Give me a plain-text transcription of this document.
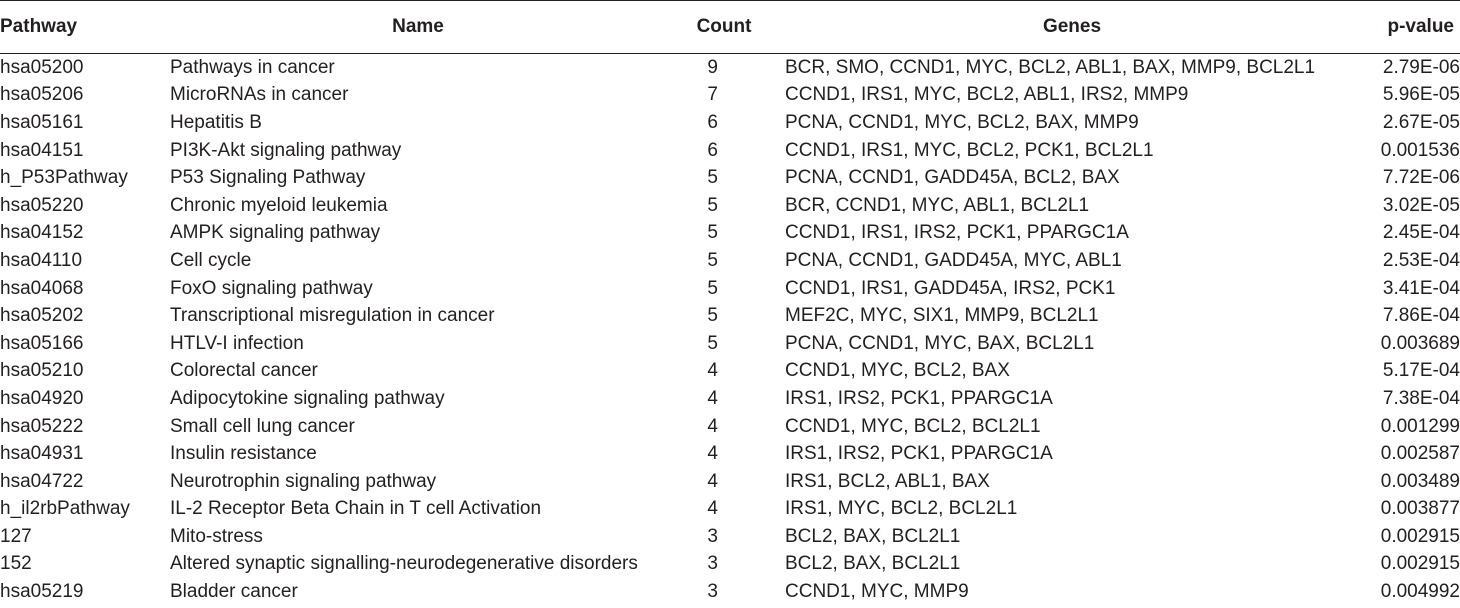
Pathway	Name	Count	Genes	p-value
hsa05200	Pathways in cancer	9	BCR, SMO, CCND1, MYC, BCL2, ABL1, BAX, MMP9, BCL2L1	2.79E-06
hsa05206	MicroRNAs in cancer	7	CCND1, IRS1, MYC, BCL2, ABL1, IRS2, MMP9	5.96E-05
hsa05161	Hepatitis B	6	PCNA, CCND1, MYC, BCL2, BAX, MMP9	2.67E-05
hsa04151	PI3K-Akt signaling pathway	6	CCND1, IRS1, MYC, BCL2, PCK1, BCL2L1	0.001536
h_P53Pathway	P53 Signaling Pathway	5	PCNA, CCND1, GADD45A, BCL2, BAX	7.72E-06
hsa05220	Chronic myeloid leukemia	5	BCR, CCND1, MYC, ABL1, BCL2L1	3.02E-05
hsa04152	AMPK signaling pathway	5	CCND1, IRS1, IRS2, PCK1, PPARGC1A	2.45E-04
hsa04110	Cell cycle	5	PCNA, CCND1, GADD45A, MYC, ABL1	2.53E-04
hsa04068	FoxO signaling pathway	5	CCND1, IRS1, GADD45A, IRS2, PCK1	3.41E-04
hsa05202	Transcriptional misregulation in cancer	5	MEF2C, MYC, SIX1, MMP9, BCL2L1	7.86E-04
hsa05166	HTLV-I infection	5	PCNA, CCND1, MYC, BAX, BCL2L1	0.003689
hsa05210	Colorectal cancer	4	CCND1, MYC, BCL2, BAX	5.17E-04
hsa04920	Adipocytokine signaling pathway	4	IRS1, IRS2, PCK1, PPARGC1A	7.38E-04
hsa05222	Small cell lung cancer	4	CCND1, MYC, BCL2, BCL2L1	0.001299
hsa04931	Insulin resistance	4	IRS1, IRS2, PCK1, PPARGC1A	0.002587
hsa04722	Neurotrophin signaling pathway	4	IRS1, BCL2, ABL1, BAX	0.003489
h_il2rbPathway	IL-2 Receptor Beta Chain in T cell Activation	4	IRS1, MYC, BCL2, BCL2L1	0.003877
127	Mito-stress	3	BCL2, BAX, BCL2L1	0.002915
152	Altered synaptic signalling-neurodegenerative disorders	3	BCL2, BAX, BCL2L1	0.002915
hsa05219	Bladder cancer	3	CCND1, MYC, MMP9	0.004992
